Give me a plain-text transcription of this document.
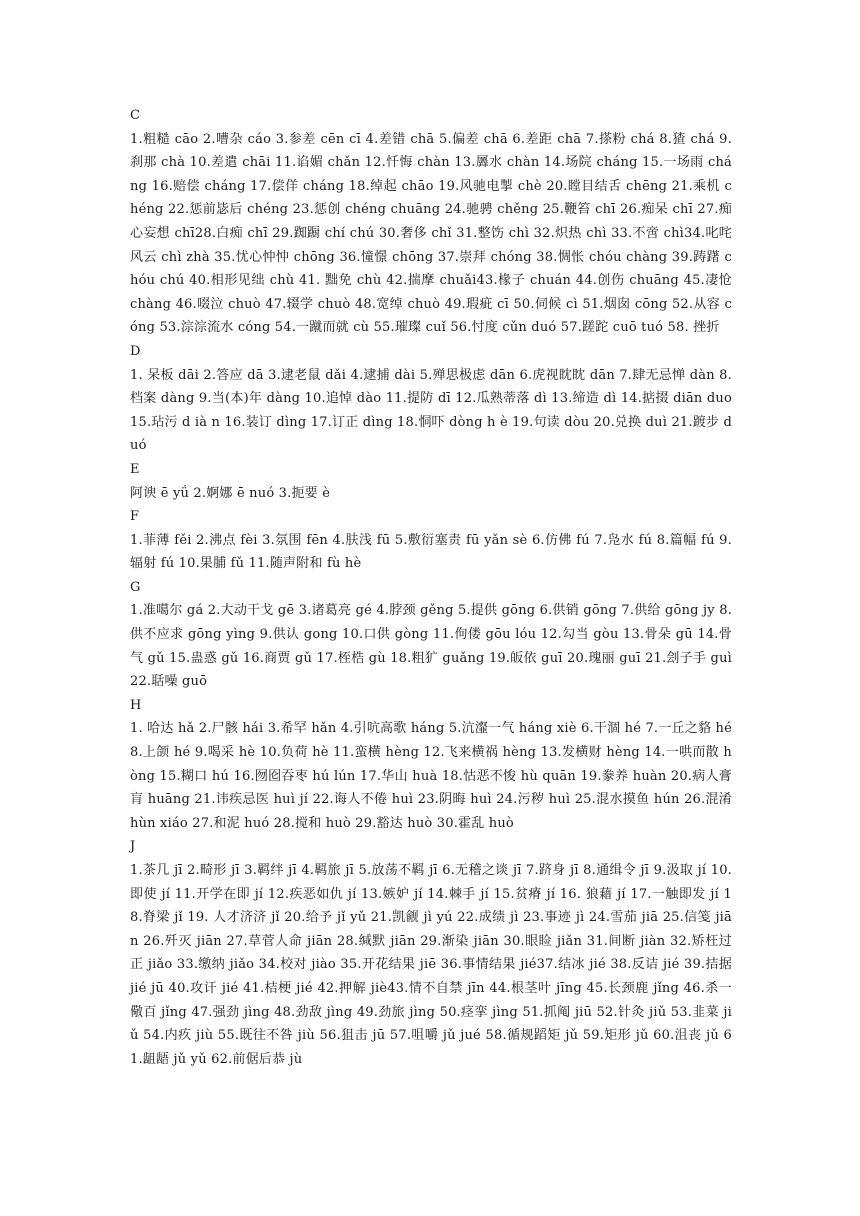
C
1.粗糙 cāo 2.嘈杂 cáo 3.参差 cēn cī 4.差错 chā 5.偏差 chā 6.差距 chā 7.搽粉 chá 8.猹 chá 9.刹那 chà 10.差遣 chāi 11.谄媚 chǎn 12.忏悔 chàn 13.羼水 chàn 14.场院 cháng 15.一场雨 cháng 16.赔偿 cháng 17.偿佯 cháng 18.绰起 chāo 19.风驰电掣 chè 20.瞠目结舌 chēng 21.乘机 chéng 22.惩前毖后 chéng 23.惩创 chéng chuāng 24.驰骋 chěng 25.鞭笞 chī 26.痴呆 chī 27.痴心妄想 chī28.白痴 chī 29.踟蹰 chí chú 30.奢侈 chǐ 31.整饬 chì 32.炽热 chì 33.不啻 chì34.叱咤风云 chì zhà 35.忧心忡忡 chōng 36.憧憬 chōng 37.崇拜 chóng 38.惆怅 chóu chàng 39.踌躇 chóu chú 40.相形见绌 chù 41. 黜免 chù 42.揣摩 chuǎi43.椽子 chuán 44.创伤 chuāng 45.凄怆 chàng 46.啜泣 chuò 47.辍学 chuò 48.宽绰 chuò 49.瑕疵 cī 50.伺候 cì 51.烟囱 cōng 52.从容 cóng 53.淙淙流水 cóng 54.一蹴而就 cù 55.璀璨 cuǐ 56.忖度 cǔn duó 57.蹉跎 cuō tuó 58. 挫折
D
1. 呆板 dāi 2.答应 dā 3.逮老鼠 dǎi 4.逮捕 dài 5.殚思极虑 dān 6.虎视眈眈 dān 7.肆无忌惮 dàn 8.档案 dàng 9.当(本)年 dàng 10.追悼 dào 11.提防 dī 12.瓜熟蒂落 dì 13.缔造 dì 14.掂掇 diān duo 15.玷污 d ià n 16.装订 dìng 17.订正 dìng 18.恫吓 dòng h è 19.句读 dòu 20.兑换 duì 21.踱步 duó
E
阿谀 ē yǘ 2.婀娜 ē nuó 3.扼要 è
F
1.菲薄 fěi 2.沸点 fèi 3.氛围 fēn 4.肤浅 fū 5.敷衍塞责 fū yǎn sè 6.仿佛 fú 7.凫水 fú 8.篇幅 fú 9.辐射 fú 10.果脯 fǔ 11.随声附和 fù hè
G
1.准噶尔 gá 2.大动干戈 gē 3.诸葛亮 gé 4.脖颈 gěng 5.提供 gōng 6.供销 gōng 7.供给 gōng jy 8.供不应求 gōng yìng 9.供认 gong 10.口供 gòng 11.佝偻 gōu lóu 12.勾当 gòu 13.骨朵 gū 14.骨气 gǔ 15.蛊惑 gǔ 16.商贾 gǔ 17.桎梏 gù 18.粗犷 guǎng 19.皈依 guī 20.瑰丽 guī 21.刽子手 guì 22.聒噪 guō
H
1. 哈达 hǎ 2.尸骸 hái 3.希罕 hǎn 4.引吭高歌 háng 5.沆瀣一气 háng xiè 6.干涸 hé 7.一丘之貉 hé 8.上颌 hé 9.喝采 hè 10.负荷 hè 11.蛮横 hèng 12.飞来横祸 hèng 13.发横财 hèng 14.一哄而散 hòng 15.糊口 hú 16.囫囵吞枣 hú lún 17.华山 huà 18.怙恶不悛 hù quān 19.豢养 huàn 20.病人膏肓 huāng 21.讳疾忌医 huì jí 22.诲人不倦 huì 23.阴晦 huì 24.污秽 huì 25.混水摸鱼 hún 26.混淆 hùn xiáo 27.和泥 huó 28.搅和 huò 29.豁达 huò 30.霍乱 huò
J
1.茶几 jī 2.畸形 jī 3.羁绊 jī 4.羁旅 jī 5.放荡不羁 jī 6.无稽之谈 jī 7.跻身 jī 8.通缉令 jī 9.汲取 jí 10.即使 jí 11.开学在即 jí 12.疾恶如仇 jí 13.嫉妒 jí 14.棘手 jí 15.贫瘠 jí 16. 狼藉 jí 17.一触即发 jí 18.脊梁 jǐ 19. 人才济济 jǐ 20.给予 jǐ yǔ 21.凯觎 jì yú 22.成绩 jì 23.事迹 jì 24.雪茄 jiā 25.信笺 jiān 26.歼灭 jiān 27.草菅人命 jiān 28.缄默 jiān 29.渐染 jiān 30.眼睑 jiǎn 31.间断 jiàn 32.矫枉过正 jiǎo 33.缴纳 jiǎo 34.校对 jiào 35.开花结果 jiē 36.事情结果 jié37.结冰 jié 38.反诘 jié 39.拮据 jié jū 40.攻讦 jié 41.桔梗 jié 42.押解 jiè43.情不自禁 jīn 44.根茎叶 jīng 45.长颈鹿 jǐng 46.杀一儆百 jǐng 47.强劲 jìng 48.劲敌 jìng 49.劲旅 jìng 50.痉挛 jìng 51.抓阄 jiū 52.针灸 jiǔ 53.韭菜 jiǔ 54.内疚 jiù 55.既往不咎 jiù 56.狙击 jū 57.咀嚼 jǔ jué 58.循规蹈矩 jǔ 59.矩形 jǔ 60.沮丧 jǔ 61.龃龉 jǔ yǔ 62.前倨后恭 jù
